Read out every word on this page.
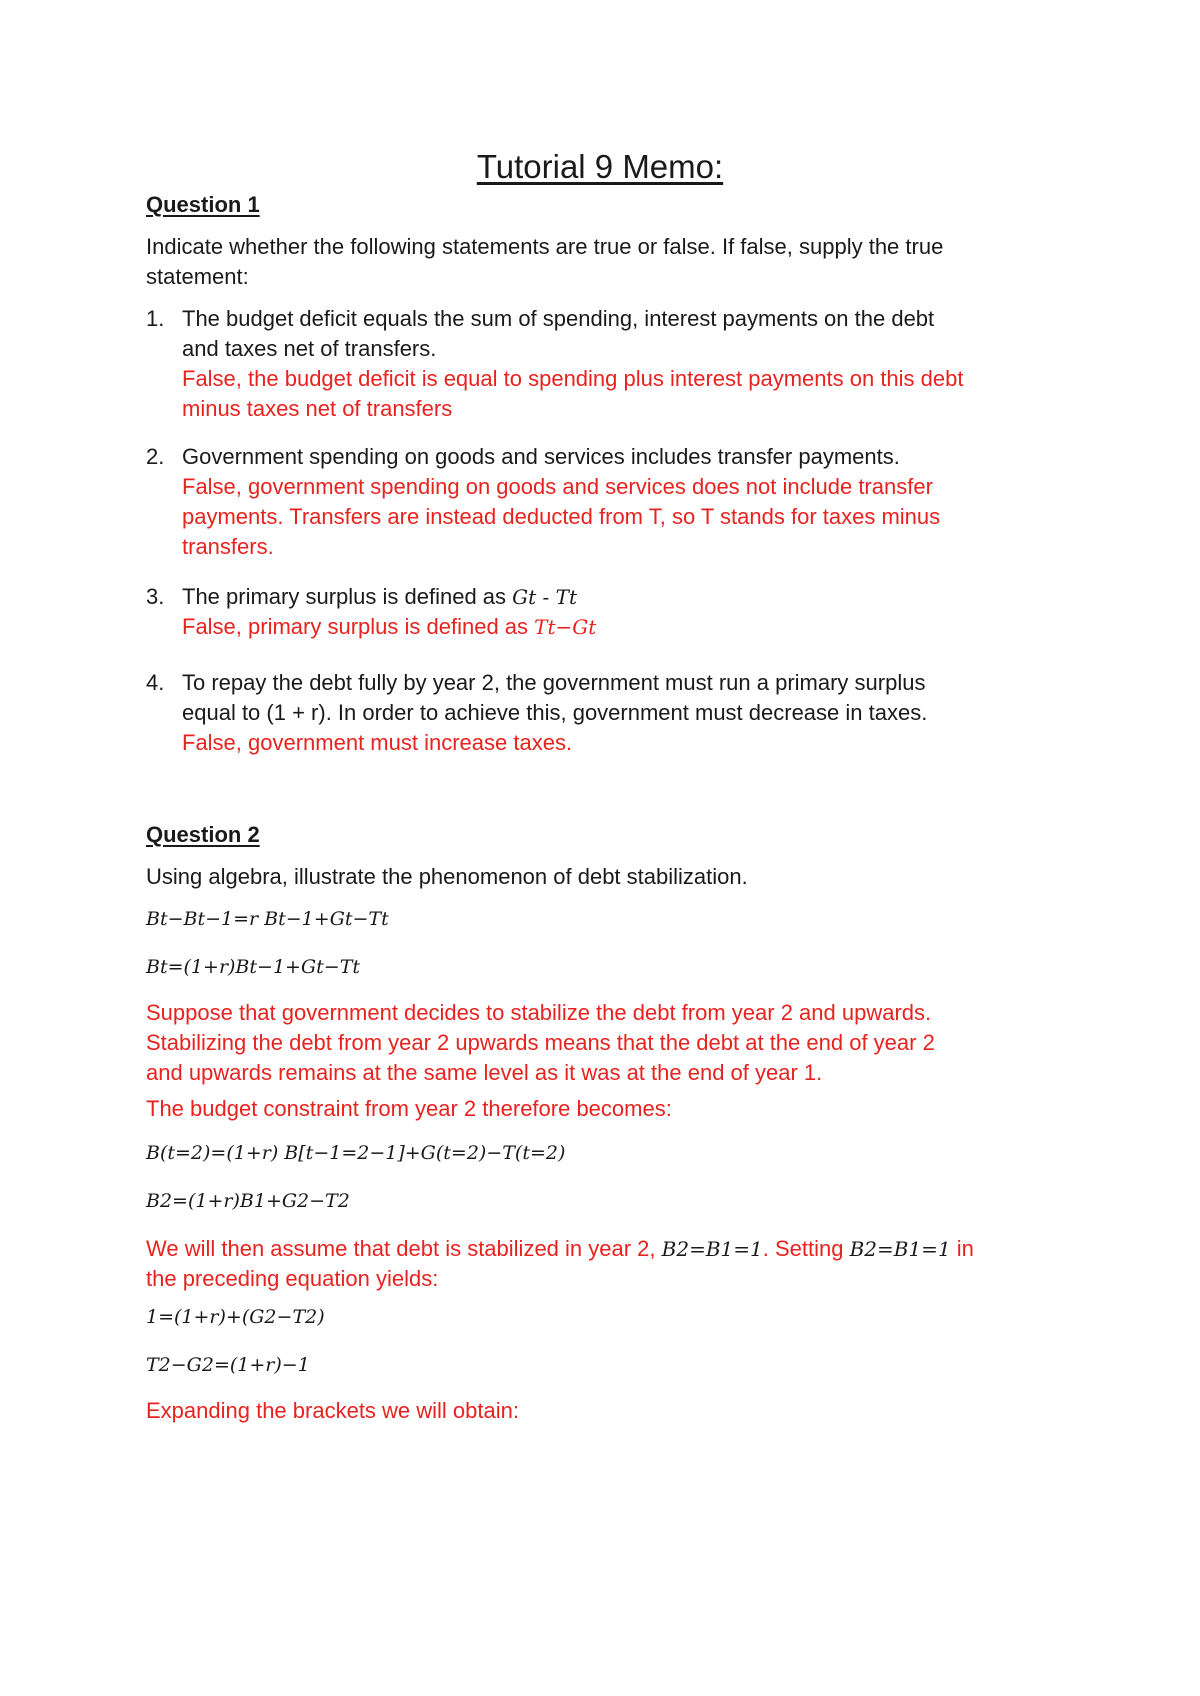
Tutorial 9 Memo:
Question 1
Indicate whether the following statements are true or false. If false, supply the true
statement:
1. The budget deficit equals the sum of spending, interest payments on the debt
and taxes net of transfers.
False, the budget deficit is equal to spending plus interest payments on this debt
minus taxes net of transfers
2. Government spending on goods and services includes transfer payments.
False, government spending on goods and services does not include transfer
payments. Transfers are instead deducted from T, so T stands for taxes minus
transfers.
3. The primary surplus is defined as Gt - Tt
False, primary surplus is defined as Tt−Gt
4. To repay the debt fully by year 2, the government must run a primary surplus
equal to (1 + r). In order to achieve this, government must decrease in taxes.
False, government must increase taxes.
Question 2
Using algebra, illustrate the phenomenon of debt stabilization.
Bt−Bt−1=r Bt−1+Gt−Tt
Bt=(1+r)Bt−1+Gt−Tt
Suppose that government decides to stabilize the debt from year 2 and upwards.
Stabilizing the debt from year 2 upwards means that the debt at the end of year 2
and upwards remains at the same level as it was at the end of year 1.
The budget constraint from year 2 therefore becomes:
B(t=2)=(1+r) B[t−1=2−1]+G(t=2)−T(t=2)
B2=(1+r)B1+G2−T2
We will then assume that debt is stabilized in year 2, B2=B1=1. Setting B2=B1=1 in
the preceding equation yields:
1=(1+r)+(G2−T2)
T2−G2=(1+r)−1
Expanding the brackets we will obtain:
